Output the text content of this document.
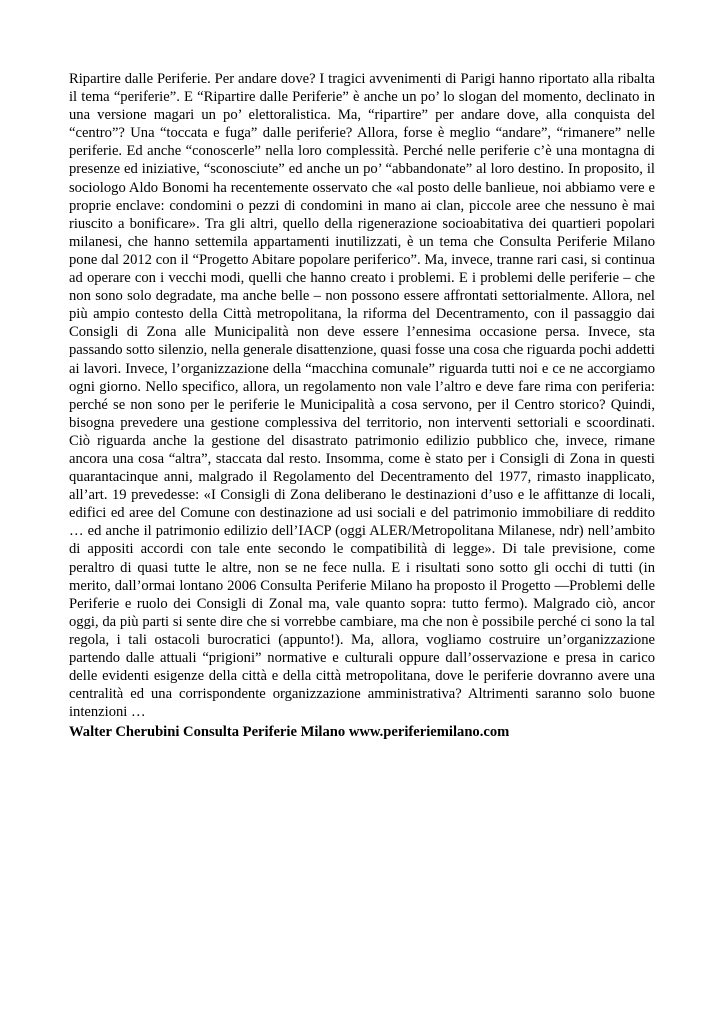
Ripartire dalle Periferie. Per andare dove? I tragici avvenimenti di Parigi hanno riportato alla ribalta il tema “periferie”. E “Ripartire dalle Periferie” è anche un po’ lo slogan del momento, declinato in una versione magari un po’ elettoralistica. Ma, “ripartire” per andare dove, alla conquista del “centro”? Una “toccata e fuga” dalle periferie? Allora, forse è meglio “andare”, “rimanere” nelle periferie. Ed anche “conoscerle” nella loro complessità. Perché nelle periferie c’è una montagna di presenze ed iniziative, “sconosciute” ed anche un po’ “abbandonate” al loro destino. In proposito, il sociologo Aldo Bonomi ha recentemente osservato che «al posto delle banlieue, noi abbiamo vere e proprie enclave: condomini o pezzi di condomini in mano ai clan, piccole aree che nessuno è mai riuscito a bonificare». Tra gli altri, quello della rigenerazione socioabitativa dei quartieri popolari milanesi, che hanno settemila appartamenti inutilizzati, è un tema che Consulta Periferie Milano pone dal 2012 con il “Progetto Abitare popolare periferico”. Ma, invece, tranne rari casi, si continua ad operare con i vecchi modi, quelli che hanno creato i problemi. E i problemi delle periferie – che non sono solo degradate, ma anche belle – non possono essere affrontati settorialmente. Allora, nel più ampio contesto della Città metropolitana, la riforma del Decentramento, con il passaggio dai Consigli di Zona alle Municipalità non deve essere l’ennesima occasione persa. Invece, sta passando sotto silenzio, nella generale disattenzione, quasi fosse una cosa che riguarda pochi addetti ai lavori. Invece, l’organizzazione della “macchina comunale” riguarda tutti noi e ce ne accorgiamo ogni giorno. Nello specifico, allora, un regolamento non vale l’altro e deve fare rima con periferia: perché se non sono per le periferie le Municipalità a cosa servono, per il Centro storico? Quindi, bisogna prevedere una gestione complessiva del territorio, non interventi settoriali e scoordinati. Ciò riguarda anche la gestione del disastrato patrimonio edilizio pubblico che, invece, rimane ancora una cosa “altra”, staccata dal resto. Insomma, come è stato per i Consigli di Zona in questi quarantacinque anni, malgrado il Regolamento del Decentramento del 1977, rimasto inapplicato, all’art. 19 prevedesse: «I Consigli di Zona deliberano le destinazioni d’uso e le affittanze di locali, edifici ed aree del Comune con destinazione ad usi sociali e del patrimonio immobiliare di reddito … ed anche il patrimonio edilizio dell’IACP (oggi ALER/Metropolitana Milanese, ndr) nell’ambito di appositi accordi con tale ente secondo le compatibilità di legge». Di tale previsione, come peraltro di quasi tutte le altre, non se ne fece nulla. E i risultati sono sotto gli occhi di tutti (in merito, dall’ormai lontano 2006 Consulta Periferie Milano ha proposto il Progetto ―Problemi delle Periferie e ruolo dei Consigli di Zonal ma, vale quanto sopra: tutto fermo). Malgrado ciò, ancor oggi, da più parti si sente dire che si vorrebbe cambiare, ma che non è possibile perché ci sono la tal regola, i tali ostacoli burocratici (appunto!). Ma, allora, vogliamo costruire un’organizzazione partendo dalle attuali “prigioni” normative e culturali oppure dall’osservazione e presa in carico delle evidenti esigenze della città e della città metropolitana, dove le periferie dovranno avere una centralità ed una corrispondente organizzazione amministrativa? Altrimenti saranno solo buone intenzioni …

Walter Cherubini Consulta Periferie Milano www.periferiemilano.com
